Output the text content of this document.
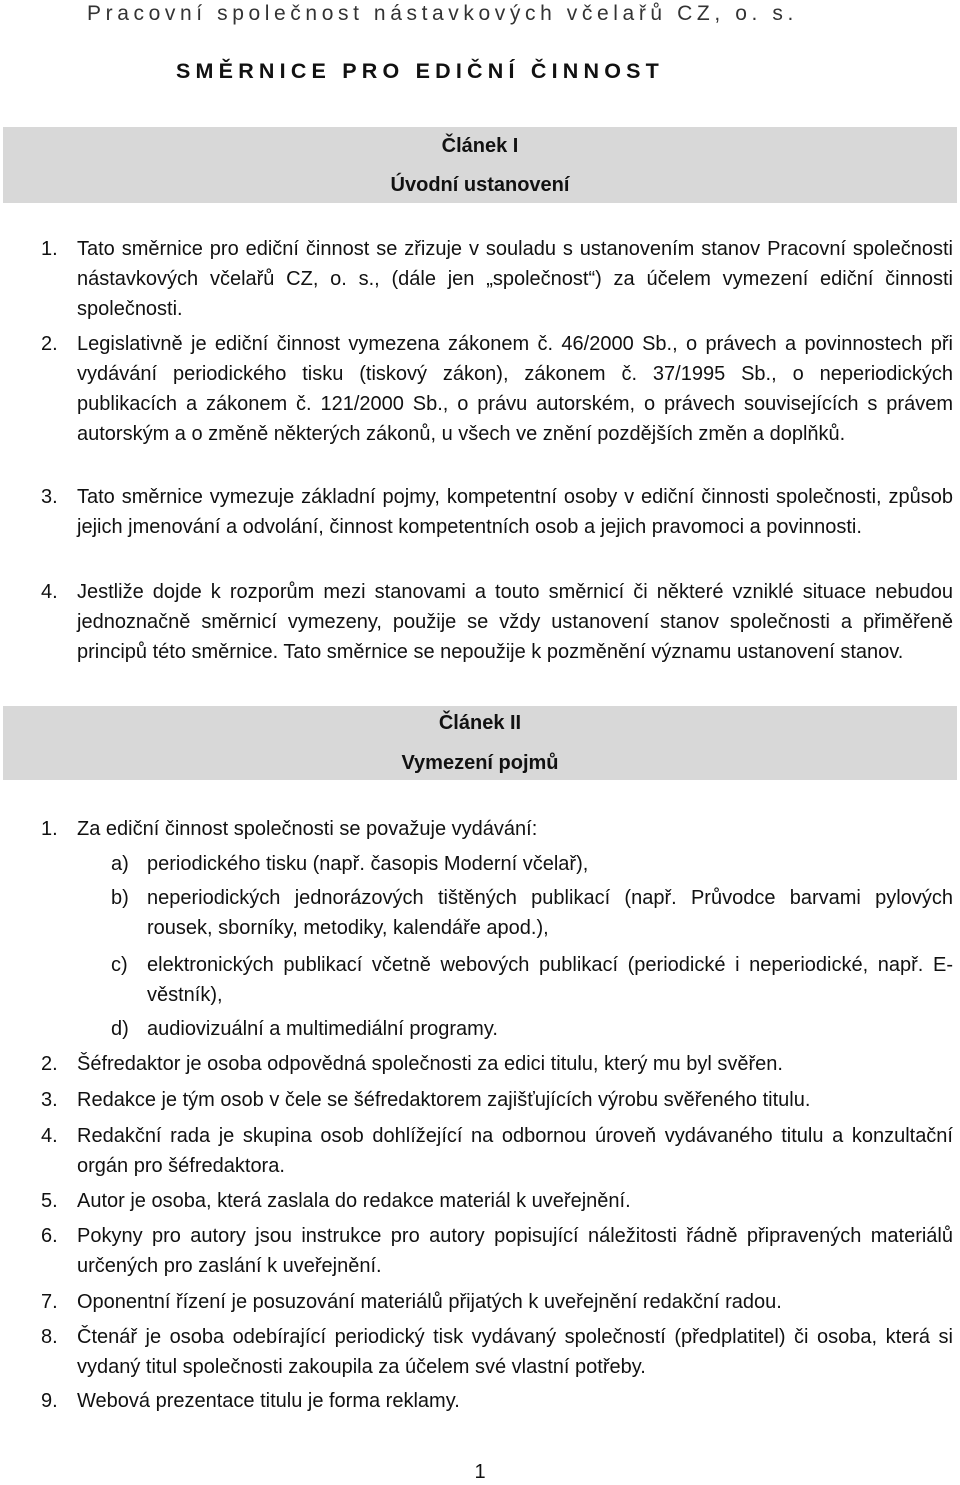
Pracovní společnost nástavkových včelařů CZ, o. s.
SMĚRNICE PRO EDIČNÍ ČINNOST
Článek I
Úvodní ustanovení
1. Tato směrnice pro ediční činnost se zřizuje v souladu s ustanovením stanov Pracovní společnosti nástavkových včelařů CZ, o. s., (dále jen „společnost“) za účelem vymezení ediční činnosti společnosti.
2. Legislativně je ediční činnost vymezena zákonem č. 46/2000 Sb., o právech a povinnostech při vydávání periodického tisku (tiskový zákon), zákonem č. 37/1995 Sb., o neperiodických publikacích a zákonem č. 121/2000 Sb., o právu autorském, o právech souvisejících s právem autorským a o změně některých zákonů, u všech ve znění pozdějších změn a doplňků.
3. Tato směrnice vymezuje základní pojmy, kompetentní osoby v ediční činnosti společnosti, způsob jejich jmenování a odvolání, činnost kompetentních osob a jejich pravomoci a povinnosti.
4. Jestliže dojde k rozporům mezi stanovami a touto směrnicí či některé vzniklé situace nebudou jednoznačně směrnicí vymezeny, použije se vždy ustanovení stanov společnosti a přiměřeně principů této směrnice. Tato směrnice se nepoužije k pozměnění významu ustanovení stanov.
Článek II
Vymezení pojmů
1. Za ediční činnost společnosti se považuje vydávání:
a) periodického tisku (např. časopis Moderní včelař),
b) neperiodických jednorázových tištěných publikací (např. Průvodce barvami pylových rousek, sborníky, metodiky, kalendáře apod.),
c) elektronických publikací včetně webových publikací (periodické i neperiodické, např. E-věstník),
d) audiovizuální a multimediální programy.
2. Šéfredaktor je osoba odpovědná společnosti za edici titulu, který mu byl svěřen.
3. Redakce je tým osob v čele se šéfredaktorem zajišťujících výrobu svěřeného titulu.
4. Redakční rada je skupina osob dohlížející na odbornou úroveň vydávaného titulu a konzultační orgán pro šéfredaktora.
5. Autor je osoba, která zaslala do redakce materiál k uveřejnění.
6. Pokyny pro autory jsou instrukce pro autory popisující náležitosti řádně připravených materiálů určených pro zaslání k uveřejnění.
7. Oponentní řízení je posuzování materiálů přijatých k uveřejnění redakční radou.
8. Čtenář je osoba odebírající periodický tisk vydávaný společností (předplatitel) či osoba, která si vydaný titul společnosti zakoupila za účelem své vlastní potřeby.
9. Webová prezentace titulu je forma reklamy.
1
